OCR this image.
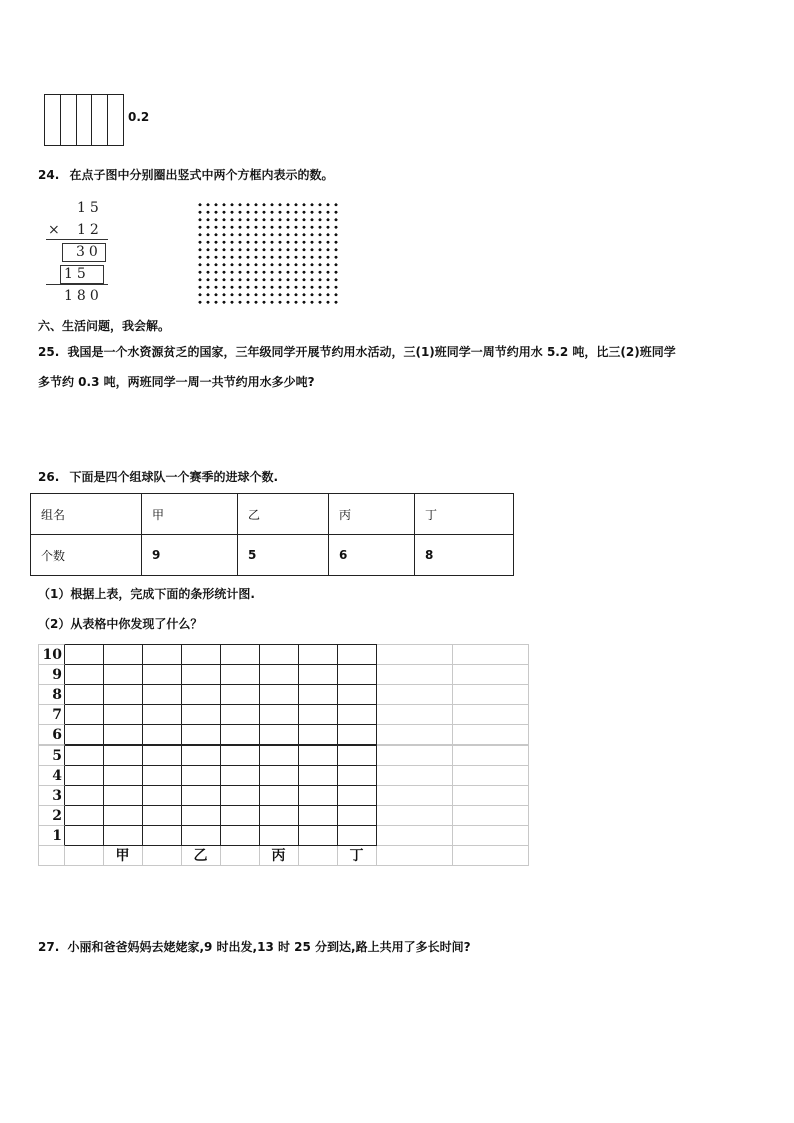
0.2
24. 在点子图中分别圈出竖式中两个方框内表示的数。
15
× 12
30
15
180
六、生活问题，我会解。
25. 我国是一个水资源贫乏的国家，三年级同学开展节约用水活动，三(1)班同学一周节约用水 5.2 吨，比三(2)班同学
多节约 0.3 吨，两班同学一周一共节约用水多少吨?
26. 下面是四个组球队一个赛季的进球个数.
组名	甲	乙	丙	丁
个数	9	5	6	8
（1）根据上表，完成下面的条形统计图.
（2）从表格中你发现了什么？
10
9
8
7
6
5
4
3
2
1
甲	乙	丙	丁
27. 小丽和爸爸妈妈去姥姥家,9 时出发,13 时 25 分到达,路上共用了多长时间?
